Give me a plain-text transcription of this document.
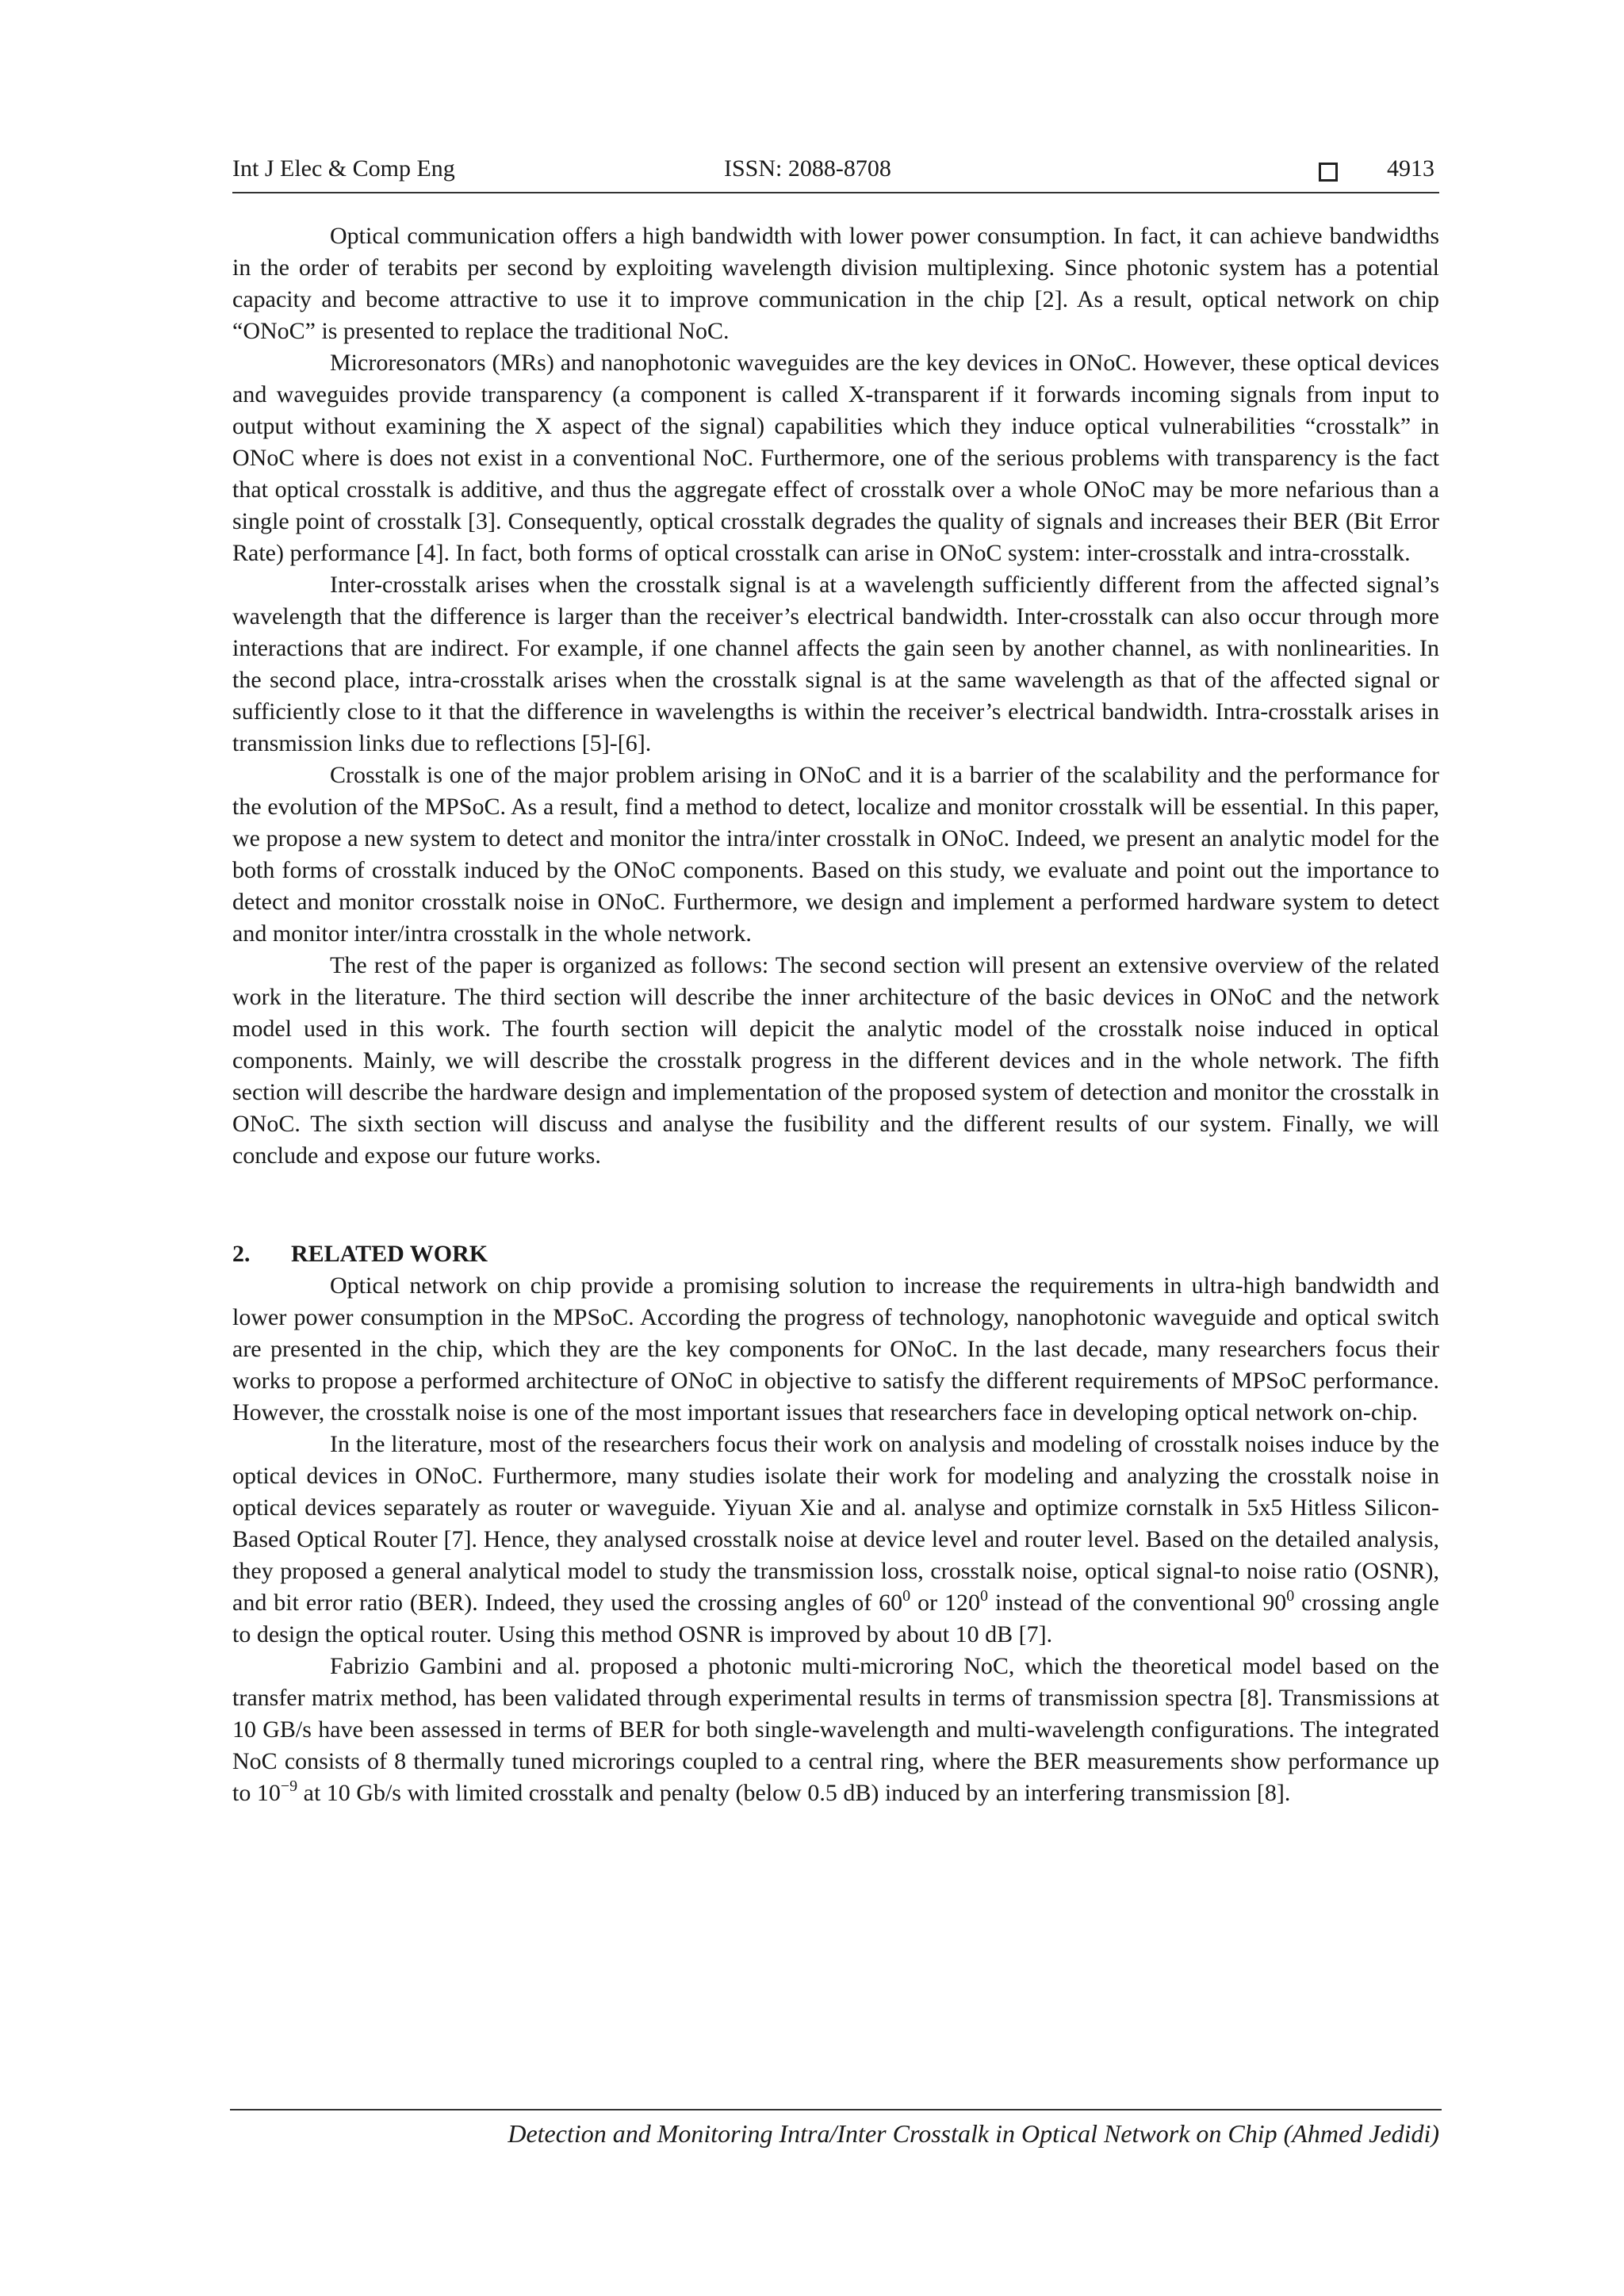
Int J Elec & Comp Eng	ISSN: 2088-8708	4913

Optical communication offers a high bandwidth with lower power consumption. In fact, it can achieve bandwidths in the order of terabits per second by exploiting wavelength division multiplexing. Since photonic system has a potential capacity and become attractive to use it to improve communication in the chip [2]. As a result, optical network on chip “ONoC” is presented to replace the traditional NoC.

Microresonators (MRs) and nanophotonic waveguides are the key devices in ONoC. However, these optical devices and waveguides provide transparency (a component is called X-transparent if it forwards incoming signals from input to output without examining the X aspect of the signal) capabilities which they induce optical vulnerabilities “crosstalk” in ONoC where is does not exist in a conventional NoC. Furthermore, one of the serious problems with transparency is the fact that optical crosstalk is additive, and thus the aggregate effect of crosstalk over a whole ONoC may be more nefarious than a single point of crosstalk [3]. Consequently, optical crosstalk degrades the quality of signals and increases their BER (Bit Error Rate) performance [4]. In fact, both forms of optical crosstalk can arise in ONoC system: inter-crosstalk and intra-crosstalk.

Inter-crosstalk arises when the crosstalk signal is at a wavelength sufficiently different from the affected signal’s wavelength that the difference is larger than the receiver’s electrical bandwidth. Inter-crosstalk can also occur through more interactions that are indirect. For example, if one channel affects the gain seen by another channel, as with nonlinearities. In the second place, intra-crosstalk arises when the crosstalk signal is at the same wavelength as that of the affected signal or sufficiently close to it that the difference in wavelengths is within the receiver’s electrical bandwidth. Intra-crosstalk arises in transmission links due to reflections [5]-[6].

Crosstalk is one of the major problem arising in ONoC and it is a barrier of the scalability and the performance for the evolution of the MPSoC. As a result, find a method to detect, localize and monitor crosstalk will be essential. In this paper, we propose a new system to detect and monitor the intra/inter crosstalk in ONoC. Indeed, we present an analytic model for the both forms of crosstalk induced by the ONoC components. Based on this study, we evaluate and point out the importance to detect and monitor crosstalk noise in ONoC. Furthermore, we design and implement a performed hardware system to detect and monitor inter/intra crosstalk in the whole network.

The rest of the paper is organized as follows: The second section will present an extensive overview of the related work in the literature. The third section will describe the inner architecture of the basic devices in ONoC and the network model used in this work. The fourth section will depicit the analytic model of the crosstalk noise induced in optical components. Mainly, we will describe the crosstalk progress in the different devices and in the whole network. The fifth section will describe the hardware design and implementation of the proposed system of detection and monitor the crosstalk in ONoC. The sixth section will discuss and analyse the fusibility and the different results of our system. Finally, we will conclude and expose our future works.

2. RELATED WORK

Optical network on chip provide a promising solution to increase the requirements in ultra-high bandwidth and lower power consumption in the MPSoC. According the progress of technology, nanophotonic waveguide and optical switch are presented in the chip, which they are the key components for ONoC. In the last decade, many researchers focus their works to propose a performed architecture of ONoC in objective to satisfy the different requirements of MPSoC performance. However, the crosstalk noise is one of the most important issues that researchers face in developing optical network on-chip.

In the literature, most of the researchers focus their work on analysis and modeling of crosstalk noises induce by the optical devices in ONoC. Furthermore, many studies isolate their work for modeling and analyzing the crosstalk noise in optical devices separately as router or waveguide. Yiyuan Xie and al. analyse and optimize cornstalk in 5x5 Hitless Silicon-Based Optical Router [7]. Hence, they analysed crosstalk noise at device level and router level. Based on the detailed analysis, they proposed a general analytical model to study the transmission loss, crosstalk noise, optical signal-to noise ratio (OSNR), and bit error ratio (BER). Indeed, they used the crossing angles of $60^0$ or $120^0$ instead of the conventional $90^0$ crossing angle to design the optical router. Using this method OSNR is improved by about 10 dB [7].

Fabrizio Gambini and al. proposed a photonic multi-microring NoC, which the theoretical model based on the transfer matrix method, has been validated through experimental results in terms of transmission spectra [8]. Transmissions at 10 GB/s have been assessed in terms of BER for both single-wavelength and multi-wavelength configurations. The integrated NoC consists of 8 thermally tuned microrings coupled to a central ring, where the BER measurements show performance up to $10^{-9}$ at 10 Gb/s with limited crosstalk and penalty (below 0.5 dB) induced by an interfering transmission [8].

Detection and Monitoring Intra/Inter Crosstalk in Optical Network on Chip (Ahmed Jedidi)
